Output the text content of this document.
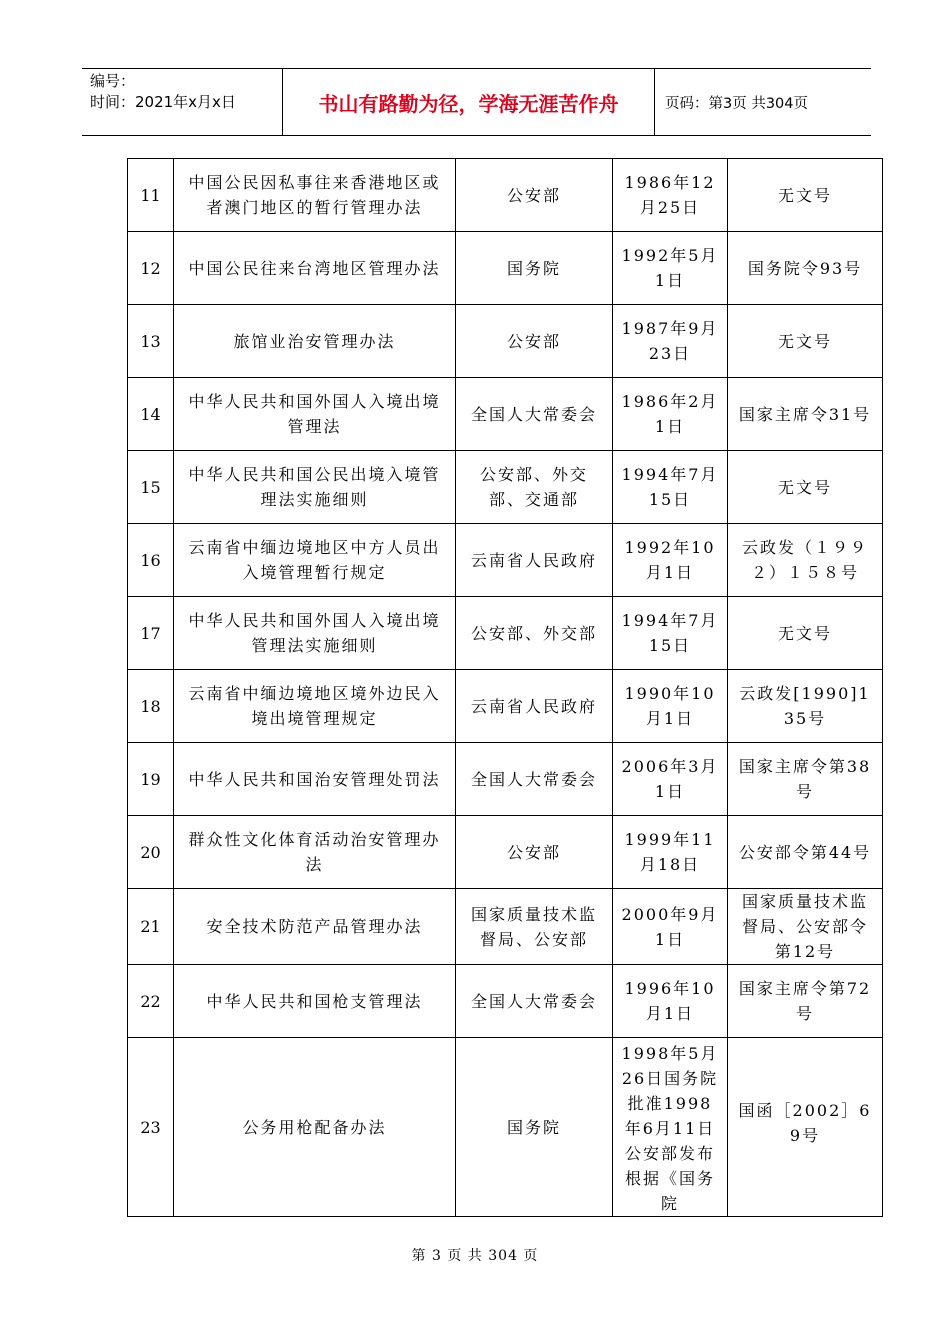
编号：
时间：2021年x月x日	书山有路勤为径，学海无涯苦作舟	页码：第3页 共304页
11	中国公民因私事往来香港地区或者澳门地区的暂行管理办法	公安部	1986年12月25日	无文号
12	中国公民往来台湾地区管理办法	国务院	1992年5月1日	国务院令93号
13	旅馆业治安管理办法	公安部	1987年9月23日	无文号
14	中华人民共和国外国人入境出境管理法	全国人大常委会	1986年2月1日	国家主席令31号
15	中华人民共和国公民出境入境管理法实施细则	公安部、外交部、交通部	1994年7月15日	无文号
16	云南省中缅边境地区中方人员出入境管理暂行规定	云南省人民政府	1992年10月1日	云政发（１９９２）１５８号
17	中华人民共和国外国人入境出境管理法实施细则	公安部、外交部	1994年7月15日	无文号
18	云南省中缅边境地区境外边民入境出境管理规定	云南省人民政府	1990年10月1日	云政发[1990]135号
19	中华人民共和国治安管理处罚法	全国人大常委会	2006年3月1日	国家主席令第38号
20	群众性文化体育活动治安管理办法	公安部	1999年11月18日	公安部令第44号
21	安全技术防范产品管理办法	国家质量技术监督局、公安部	2000年9月1日	国家质量技术监督局、公安部令第12号
22	中华人民共和国枪支管理法	全国人大常委会	1996年10月1日	国家主席令第72号
23	公务用枪配备办法	国务院	1998年5月26日国务院批准1998年6月11日公安部发布根据《国务院	国函［2002］69号
第 3 页 共 304 页
